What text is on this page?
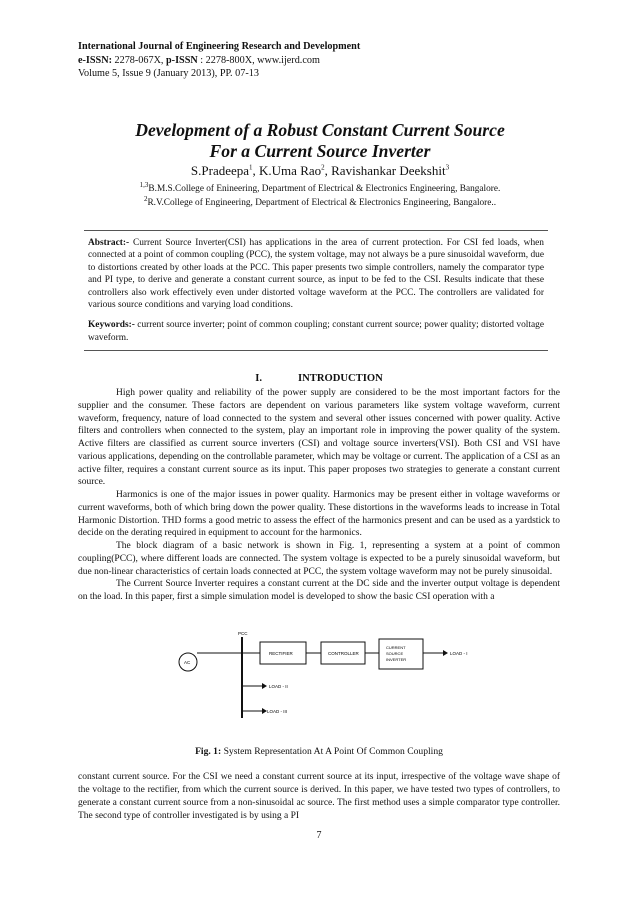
International Journal of Engineering Research and Development
e-ISSN: 2278-067X, p-ISSN : 2278-800X, www.ijerd.com
Volume 5, Issue 9 (January 2013), PP. 07-13
Development of a Robust Constant Current Source
For a Current Source Inverter
S.Pradeepa$^1$, K.Uma Rao$^2$, Ravishankar Deekshit$^3$
$^{1,3}$B.M.S.College of Enineering, Department of Electrical & Electronics Engineering, Bangalore.
$^2$R.V.College of Engineering, Department of Electrical & Electronics Engineering, Bangalore..

Abstract:- Current Source Inverter(CSI) has applications in the area of current protection. For CSI fed loads, when connected at a point of common coupling (PCC), the system voltage, may not always be a pure sinusoidal waveform, due to distortions created by other loads at the PCC. This paper presents two simple controllers, namely the comparator type and PI type, to derive and generate a constant current source, as input to be fed to the CSI. Results indicate that these controllers also work effectively even under distorted voltage waveform at the PCC. The controllers are validated for various source conditions and varying load conditions.

Keywords:- current source inverter; point of common coupling; constant current source; power quality; distorted voltage waveform.

I.	INTRODUCTION

High power quality and reliability of the power supply are considered to be the most important factors for the supplier and the consumer. These factors are dependent on various parameters like system voltage waveform, current waveform, frequency, nature of load connected to the system and several other issues concerned with power quality. Active filters and controllers when connected to the system, play an important role in improving the power quality of the system. Active filters are classified as current source inverters (CSI) and voltage source inverters(VSI). Both CSI and VSI have various applications, depending on the controllable parameter, which may be voltage or current. The application of a CSI as an active filter, requires a constant current source as its input. This paper proposes two strategies to generate a constant current source.

Harmonics is one of the major issues in power quality. Harmonics may be present either in voltage waveforms or current waveforms, both of which bring down the power quality. These distortions in the waveforms leads to increase in Total Harmonic Distortion. THD forms a good metric to assess the effect of the harmonics present and can be used as a yardstick to decide on the derating required in equipment to account for the harmonics.

The block diagram of a basic network is shown in Fig. 1, representing a system at a point of common coupling(PCC), where different loads are connected. The system voltage is expected to be a purely sinusoidal waveform, but due non-linear characteristics of certain loads connected at PCC, the system voltage waveform may not be purely sinusoidal.

The Current Source Inverter requires a constant current at the DC side and the inverter output voltage is dependent on the load. In this paper, first a simple simulation model is developed to show the basic CSI operation with a

PCC
AC
RECTIFIER	CONTROLLER
CURRENT
SOURCE
INVERTER
LOAD - I
LOAD - II
LOAD - III
Fig. 1: System Representation At A Point Of Common Coupling

constant current source. For the CSI we need a constant current source at its input, irrespective of the voltage wave shape of the voltage to the rectifier, from which the current source is derived. In this paper, we have tested two types of controllers, to generate a constant current source from a non-sinusoidal ac source. The first method uses a simple comparator type controller. The second type of controller investigated is by using a PI

7
